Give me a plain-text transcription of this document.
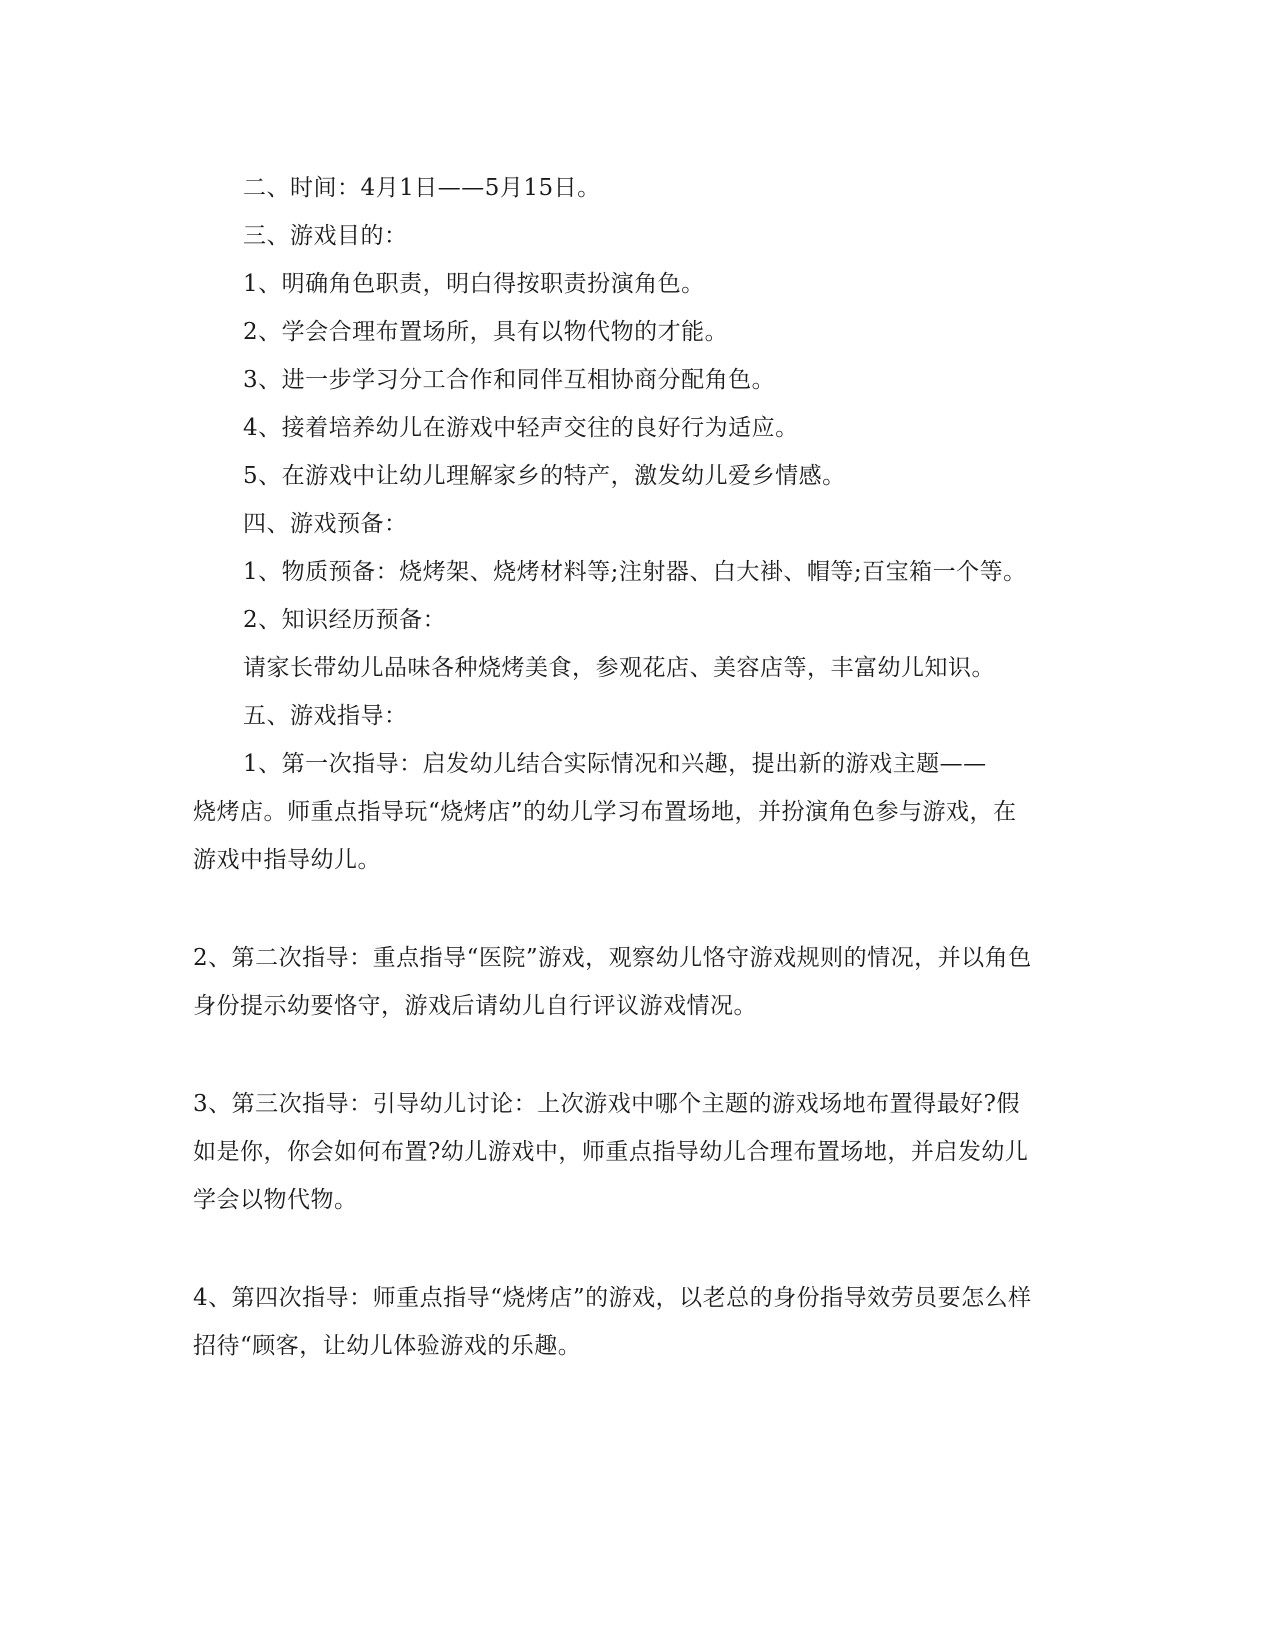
二、时间：4月1日——5月15日。
三、游戏目的：
1、明确角色职责，明白得按职责扮演角色。
2、学会合理布置场所，具有以物代物的才能。
3、进一步学习分工合作和同伴互相协商分配角色。
4、接着培养幼儿在游戏中轻声交往的良好行为适应。
5、在游戏中让幼儿理解家乡的特产，激发幼儿爱乡情感。
四、游戏预备：
1、物质预备：烧烤架、烧烤材料等;注射器、白大褂、帽等;百宝箱一个等。
2、知识经历预备：
请家长带幼儿品味各种烧烤美食，参观花店、美容店等，丰富幼儿知识。
五、游戏指导：
1、第一次指导：启发幼儿结合实际情况和兴趣，提出新的游戏主题——
烧烤店。师重点指导玩“烧烤店”的幼儿学习布置场地，并扮演角色参与游戏，在
游戏中指导幼儿。
2、第二次指导：重点指导“医院”游戏，观察幼儿恪守游戏规则的情况，并以角色
身份提示幼要恪守，游戏后请幼儿自行评议游戏情况。
3、第三次指导：引导幼儿讨论：上次游戏中哪个主题的游戏场地布置得最好?假
如是你，你会如何布置?幼儿游戏中，师重点指导幼儿合理布置场地，并启发幼儿
学会以物代物。
4、第四次指导：师重点指导“烧烤店”的游戏，以老总的身份指导效劳员要怎么样
招待“顾客，让幼儿体验游戏的乐趣。
